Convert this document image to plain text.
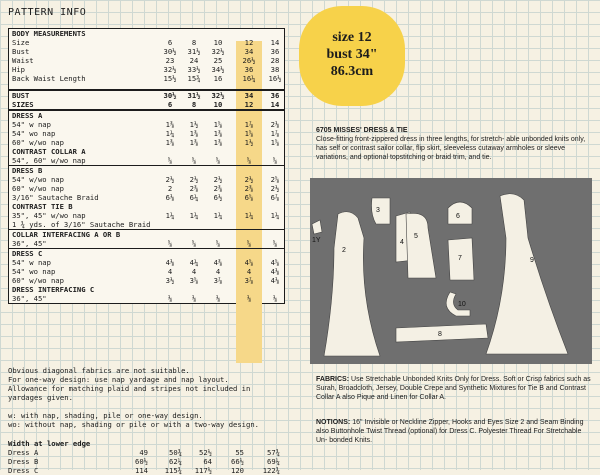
PATTERN INFO
BODY MEASUREMENTS
Size	6	8	10	12	14
Bust	30½	31½	32½	34	36
Waist	23	24	25	26½	28
Hip	32½	33½	34½	36	38
Back Waist Length	15½	15¾	16	16¼	16½
BUST	30½	31½	32½	34	36
SIZES	6	8	10	12	14
DRESS A
54" w nap	1⅜	1½	1⅝	1⅞	2⅛
54" wo nap	1¼	1⅜	1⅜	1⅝	1⅞
60" w/wo nap	1⅜	1⅜	1⅜	1½	1⅝
CONTRAST COLLAR A
54", 60" w/wo nap	⅝	⅝	⅝	⅝	⅝
DRESS B
54" w/wo nap	2½	2½	2½	2½	2⅝
60" w/wo nap	2	2⅜	2⅜	2⅜	2½
3/16" Sautache Braid	6⅛	6¼	6½	6⅝	6⅞
CONTRAST TIE B
35", 45" w/wo nap	1¼	1¼	1¼	1¼	1¼
1 ¾ yds. of 3/16" Sautache Braid
COLLAR INTERFACING A OR B
36", 45"	⅝	⅝	⅝	⅝	⅝
DRESS C
54" w nap	4⅛	4¼	4⅜	4⅝	4⅝
54" wo nap	4	4	4	4	4⅛
60" w/wo nap	3½	3⅝	3⅞	3⅞	4⅛
DRESS INTERFACING C
36", 45"	⅛	⅛	⅛	⅛	⅛
Obvious diagonal fabrics are not suitable.
For one-way design: use nap yardage and nap layout.
Allowance for matching plaid and stripes not included in
yardages given.

w: with nap, shading, pile or one-way design.
wo: without nap, shading or pile or with a two-way design.
Width at lower edge
Dress A	49	50¾	52½	55	57¾
Dress B	60½	62¼	64	66½	69¼
Dress C	114	115¾	117½	120	122¾
size 12
bust 34"
86.3cm
6705 MISSES' DRESS & TIE
Close-fitting front-zippered dress in three lengths, for stretch- able unbonded knits only, has self or contrast sailor collar, flip skirt, sleeveless cutaway armholes or sleeve variations, and optional topstitching or braid trim, and tie.
1Y
2
3
4
5
6
7
8
9
10
FABRICS: Use Stretchable Unbonded Knits Only for Dress. Soft or Crisp fabrics such as Surah, Broadcloth, Jersey, Double Crepe and Synthetic Mixtures for Tie B and Contrast Collar A also Pique and Linen for Collar A.
NOTIONS: 16" Invisible or Neckline Zipper, Hooks and Eyes Size 2 and Seam Binding also Buttonhole Twist Thread (optional) for Dress C. Polyester Thread For Stretchable Un- bonded Knits.
